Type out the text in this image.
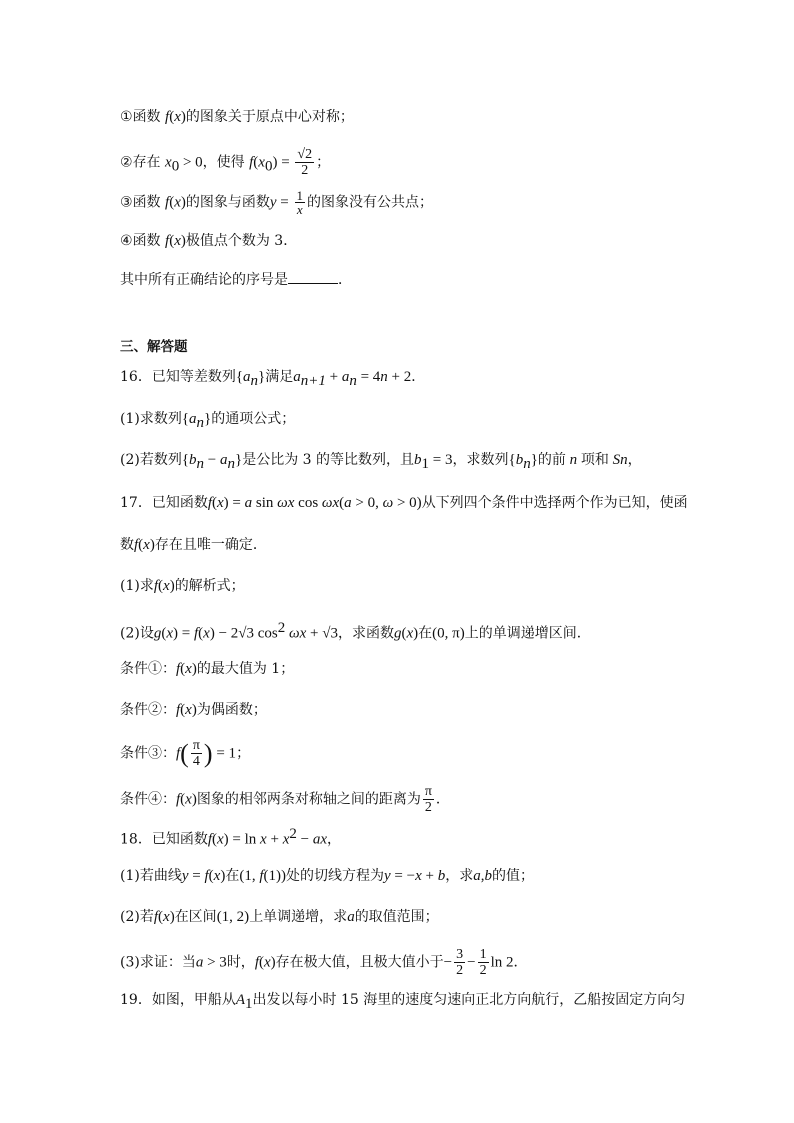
①函数 f(x)的图象关于原点中心对称；
②存在 $x_0 > 0$，使得 $f(x_0) = \frac{√2}{2}$ ；
③函数 f(x)的图象与函数$y = \frac{1}{x}$ 的图象没有公共点；
④函数 f(x)极值点个数为 3．
其中所有正确结论的序号是	．
三、解答题
16．已知等差数列$\{a_n\}$满足$a_{n+1} + a_n = 4n + 2$．
(1)求数列$\{a_n\}$的通项公式；
(2)若数列$\{b_n - a_n\}$是公比为 3 的等比数列，且$b_1 = 3$，求数列$\{b_n\}$的前 n 项和 Sn，
17．已知函数f(x) = a sin ωx cos ωx(a > 0, ω > 0)从下列四个条件中选择两个作为已知，使函
数f(x)存在且唯一确定．
(1)求f(x)的解析式；
(2)设g(x) = f(x) − 2√3 $\cos^2 \omega x + √3$，求函数g(x)在(0, π)上的单调递增区间．
条件①：f(x)的最大值为 1；
条件②：f(x)为偶函数；
条件③：$f( \frac{\pi}{4}$ ) = 1；
条件④：f(x)图象的相邻两条对称轴之间的距离为 $\frac{\pi}{2}$ ．
18．已知函数$f(x) = \ln x + x^2$ − ax，
(1)若曲线y = f(x)在(1, f(1))处的切线方程为y = −x + b，求a,b的值；
(2)若f(x)在区间(1, 2)上单调递增，求a的取值范围；
(3)求证：当a > 3时，f(x)存在极大值，且极大值小于− $\frac{3}{2} - \frac{1}{2}$ ln 2．
19．如图，甲船从$A_1$出发以每小时 15 海里的速度匀速向正北方向航行，乙船按固定方向匀
